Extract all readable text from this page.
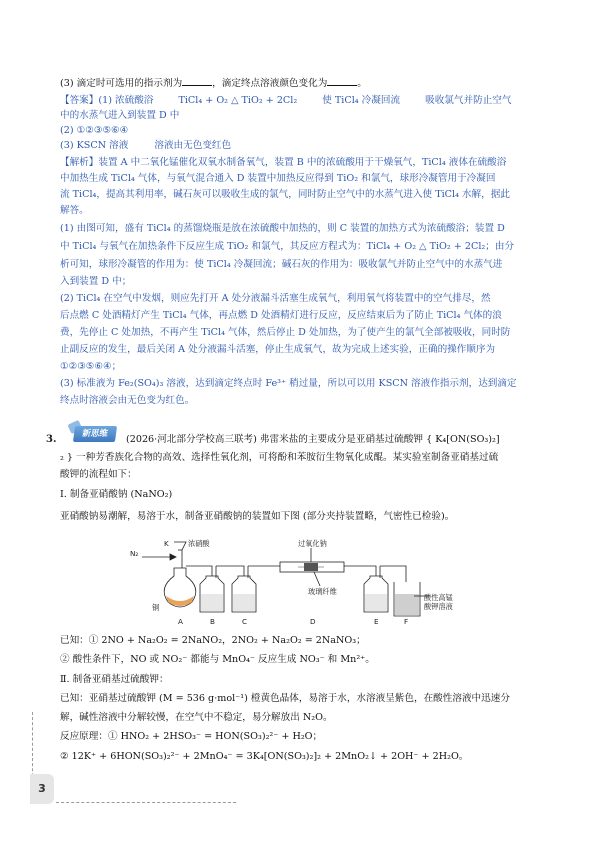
(3) 滴定时可选用的指示剂为	，滴定终点溶液颜色变化为	。
【答案】(1) 浓硫酸浴	TiCl₄ + O₂ △ TiO₂ + 2Cl₂	使 TiCl₄ 冷凝回流	吸收氯气并防止空气
中的水蒸气进入到装置 D 中
(2) ①②③⑤⑥④
(3) KSCN 溶液	溶液由无色变红色
【解析】装置 A 中二氧化锰催化双氧水制备氧气，装置 B 中的浓硫酸用于干燥氧气，TiCl₄ 液体在硫酸浴
中加热生成 TiCl₄ 气体，与氧气混合通入 D 装置中加热反应得到 TiO₂ 和氯气，球形冷凝管用于冷凝回
流 TiCl₄，提高其利用率，碱石灰可以吸收生成的氯气，同时防止空气中的水蒸气进入使 TiCl₄ 水解，据此
解答。
(1) 由图可知，盛有 TiCl₄ 的蒸馏烧瓶是放在浓硫酸中加热的，则 C 装置的加热方式为浓硫酸浴；装置 D
中 TiCl₄ 与氧气在加热条件下反应生成 TiO₂ 和氯气，其反应方程式为：TiCl₄ + O₂ △ TiO₂ + 2Cl₂；由分
析可知，球形冷凝管的作用为：使 TiCl₄ 冷凝回流；碱石灰的作用为：吸收氯气并防止空气中的水蒸气进
入到装置 D 中；
(2) TiCl₄ 在空气中发烟，则应先打开 A 处分液漏斗活塞生成氧气，利用氧气将装置中的空气排尽，然
后点燃 C 处酒精灯产生 TiCl₄ 气体，再点燃 D 处酒精灯进行反应，反应结束后为了防止 TiCl₄ 气体的浪
费，先停止 C 处加热，不再产生 TiCl₄ 气体，然后停止 D 处加热，为了使产生的氯气全部被吸收，同时防
止副反应的发生，最后关闭 A 处分液漏斗活塞，停止生成氧气，故为完成上述实验，正确的操作顺序为
①②③⑤⑥④；
(3) 标准液为 Fe₂(SO₄)₃ 溶液，达到滴定终点时 Fe³⁺ 稍过量，所以可以用 KSCN 溶液作指示剂，达到滴定
终点时溶液会由无色变为红色。
3.	新思维	(2026·河北部分学校高三联考) 弗雷米盐的主要成分是亚硝基过硫酸钾 { K₄[ON(SO₃)₂]
₂ } 一种芳香族化合物的高效、选择性氧化剂，可将酚和苯胺衍生物氧化成醌。某实验室制备亚硝基过硫
酸钾的流程如下：
Ⅰ. 制备亚硝酸钠 (NaNO₂)
亚硝酸钠易潮解，易溶于水，制备亚硝酸钠的装置如下图 (部分夹持装置略，气密性已检验)。
N₂
K	浓硝酸
铜
过氧化钠
玻璃纤维
酸性高锰
酸钾溶液
A	B	C	D	E	F
已知：① 2NO + Na₂O₂ = 2NaNO₂，2NO₂ + Na₂O₂ = 2NaNO₃；
② 酸性条件下，NO 或 NO₂⁻ 都能与 MnO₄⁻ 反应生成 NO₃⁻ 和 Mn²⁺。
Ⅱ. 制备亚硝基过硫酸钾：
已知：亚硝基过硫酸钾 (M = 536 g·mol⁻¹) 橙黄色晶体，易溶于水，水溶液呈紫色，在酸性溶液中迅速分
解，碱性溶液中分解较慢，在空气中不稳定，易分解放出 N₂O。
反应原理：① HNO₂ + 2HSO₃⁻ = HON(SO₃)₂²⁻ + H₂O；
② 12K⁺ + 6HON(SO₃)₂²⁻ + 2MnO₄⁻ = 3K₄[ON(SO₃)₂]₂ + 2MnO₂↓ + 2OH⁻ + 2H₂O。
3
